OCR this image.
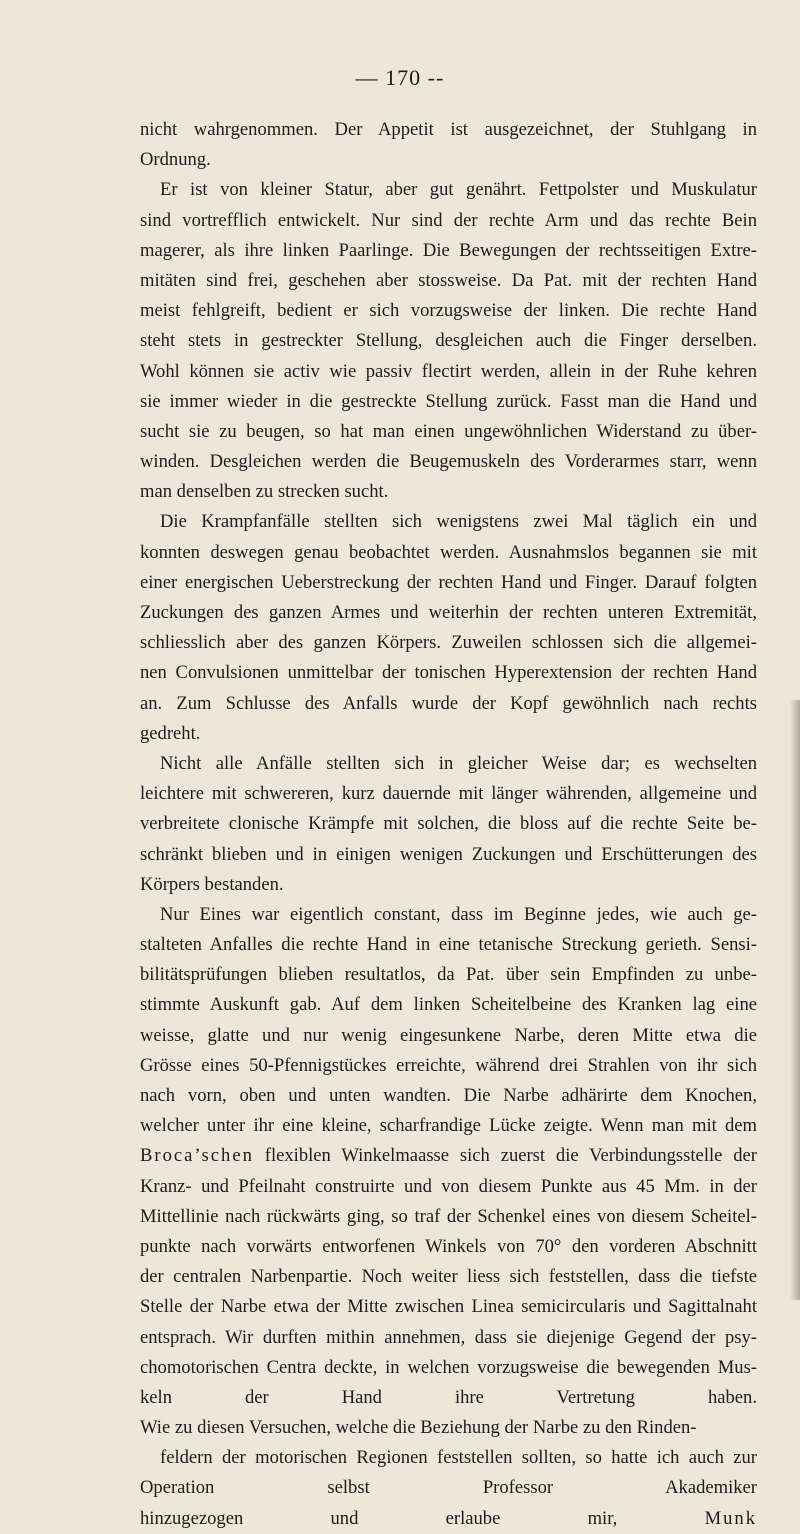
— 170 --
nicht wahrgenommen. Der Appetit ist ausgezeichnet, der Stuhlgang in
Ordnung.
Er ist von kleiner Statur, aber gut genährt. Fettpolster und Muskulatur
sind vortrefflich entwickelt. Nur sind der rechte Arm und das rechte Bein
magerer, als ihre linken Paarlinge. Die Bewegungen der rechtsseitigen Extre-
mitäten sind frei, geschehen aber stossweise. Da Pat. mit der rechten Hand
meist fehlgreift, bedient er sich vorzugsweise der linken. Die rechte Hand
steht stets in gestreckter Stellung, desgleichen auch die Finger derselben.
Wohl können sie activ wie passiv flectirt werden, allein in der Ruhe kehren
sie immer wieder in die gestreckte Stellung zurück. Fasst man die Hand und
sucht sie zu beugen, so hat man einen ungewöhnlichen Widerstand zu über-
winden. Desgleichen werden die Beugemuskeln des Vorderarmes starr, wenn
man denselben zu strecken sucht.
Die Krampfanfälle stellten sich wenigstens zwei Mal täglich ein und
konnten deswegen genau beobachtet werden. Ausnahmslos begannen sie mit
einer energischen Ueberstreckung der rechten Hand und Finger. Darauf folgten
Zuckungen des ganzen Armes und weiterhin der rechten unteren Extremität,
schliesslich aber des ganzen Körpers. Zuweilen schlossen sich die allgemei-
nen Convulsionen unmittelbar der tonischen Hyperextension der rechten Hand
an. Zum Schlusse des Anfalls wurde der Kopf gewöhnlich nach rechts
gedreht.
Nicht alle Anfälle stellten sich in gleicher Weise dar; es wechselten
leichtere mit schwereren, kurz dauernde mit länger währenden, allgemeine und
verbreitete clonische Krämpfe mit solchen, die bloss auf die rechte Seite be-
schränkt blieben und in einigen wenigen Zuckungen und Erschütterungen des
Körpers bestanden.
Nur Eines war eigentlich constant, dass im Beginne jedes, wie auch ge-
stalteten Anfalles die rechte Hand in eine tetanische Streckung gerieth. Sensi-
bilitätsprüfungen blieben resultatlos, da Pat. über sein Empfinden zu unbe-
stimmte Auskunft gab. Auf dem linken Scheitelbeine des Kranken lag eine
weisse, glatte und nur wenig eingesunkene Narbe, deren Mitte etwa die
Grösse eines 50-Pfennigstückes erreichte, während drei Strahlen von ihr sich
nach vorn, oben und unten wandten. Die Narbe adhärirte dem Knochen,
welcher unter ihr eine kleine, scharfrandige Lücke zeigte. Wenn man mit dem
Broca’schen flexiblen Winkelmaasse sich zuerst die Verbindungsstelle der
Kranz- und Pfeilnaht construirte und von diesem Punkte aus 45 Mm. in der
Mittellinie nach rückwärts ging, so traf der Schenkel eines von diesem Scheitel-
punkte nach vorwärts entworfenen Winkels von 70° den vorderen Abschnitt
der centralen Narbenpartie. Noch weiter liess sich feststellen, dass die tiefste
Stelle der Narbe etwa der Mitte zwischen Linea semicircularis und Sagittalnaht
entsprach. Wir durften mithin annehmen, dass sie diejenige Gegend der psy-
chomotorischen Centra deckte, in welchen vorzugsweise die bewegenden Mus-
keln der Hand ihre Vertretung haben.
Wie zu diesen Versuchen, welche die Beziehung der Narbe zu den Rinden-
feldern der motorischen Regionen feststellen sollten, so hatte ich auch zur
Operation selbst Professor Akademiker
hinzugezogen und erlaube mir,	Munk
